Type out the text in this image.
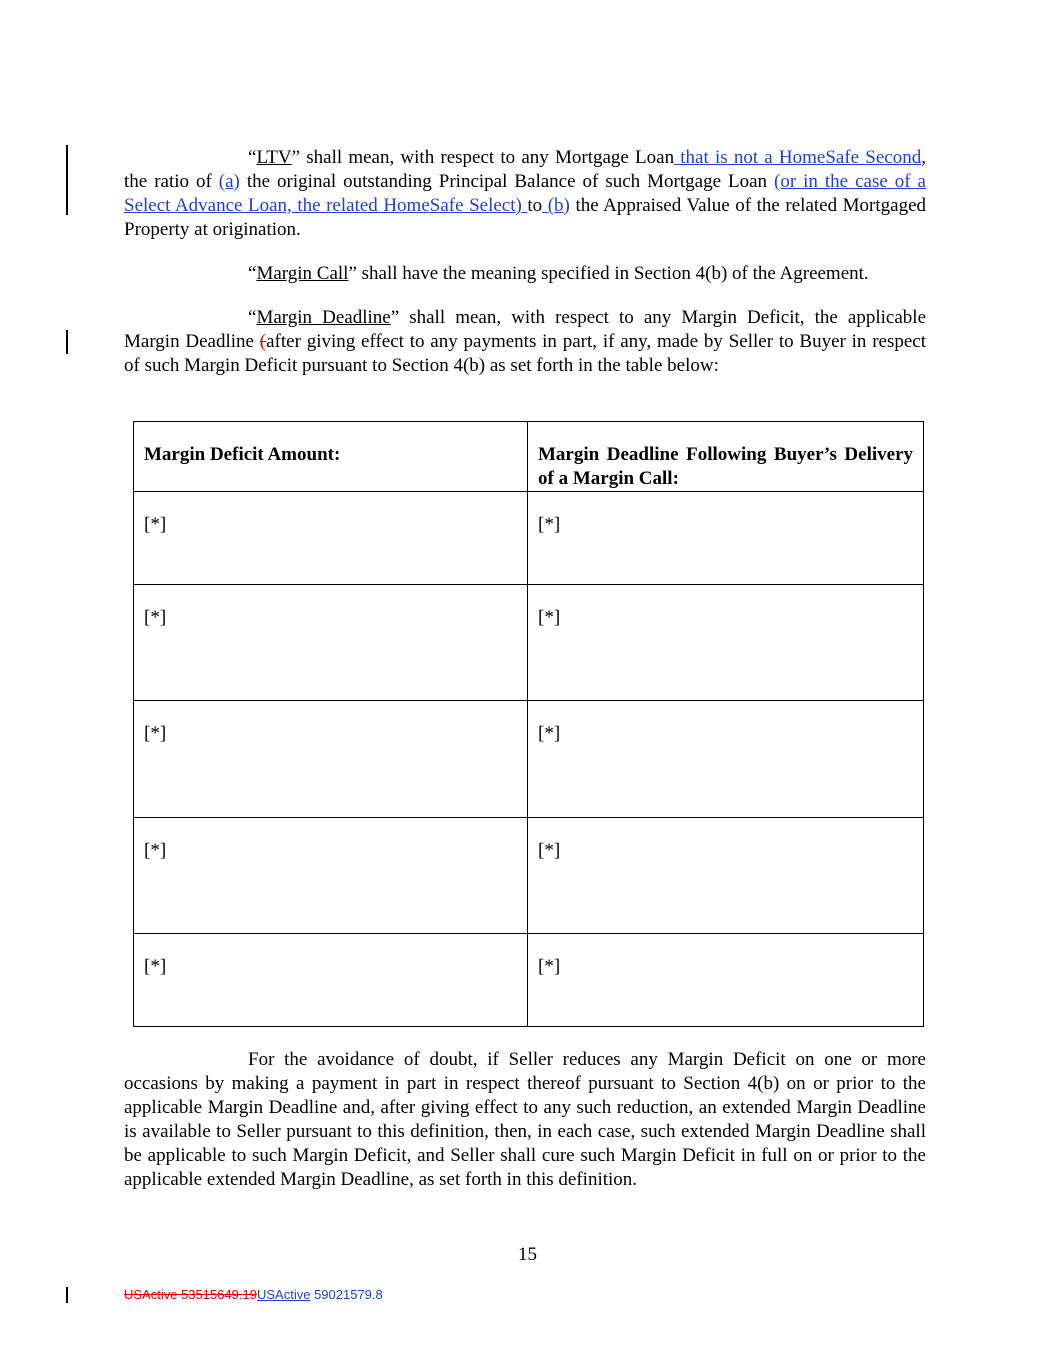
“LTV” shall mean, with respect to any Mortgage Loan that is not a HomeSafe Second, the ratio of (a) the original outstanding Principal Balance of such Mortgage Loan (or in the case of a Select Advance Loan, the related HomeSafe Select) to (b) the Appraised Value of the related Mortgaged Property at origination.

“Margin Call” shall have the meaning specified in Section 4(b) of the Agreement.

“Margin Deadline” shall mean, with respect to any Margin Deficit, the applicable Margin Deadline (after giving effect to any payments in part, if any, made by Seller to Buyer in respect of such Margin Deficit pursuant to Section 4(b) as set forth in the table below:

Margin Deficit Amount:	Margin Deadline Following Buyer’s Delivery of a Margin Call:
[*]	[*]
[*]	[*]
[*]	[*]
[*]	[*]
[*]	[*]

For the avoidance of doubt, if Seller reduces any Margin Deficit on one or more occasions by making a payment in part in respect thereof pursuant to Section 4(b) on or prior to the applicable Margin Deadline and, after giving effect to any such reduction, an extended Margin Deadline is available to Seller pursuant to this definition, then, in each case, such extended Margin Deadline shall be applicable to such Margin Deficit, and Seller shall cure such Margin Deficit in full on or prior to the applicable extended Margin Deadline, as set forth in this definition.

15
USActive 53515649.19USActive 59021579.8
